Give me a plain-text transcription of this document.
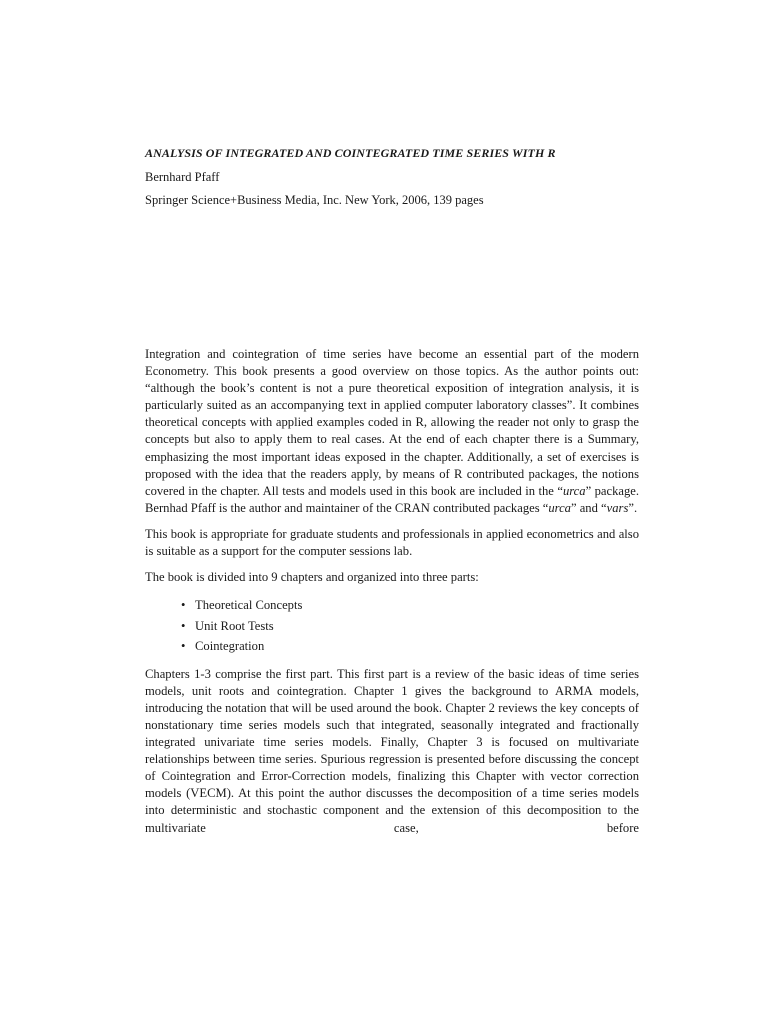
ANALYSIS OF INTEGRATED AND COINTEGRATED TIME SERIES WITH R

Bernhard Pfaff

Springer Science+Business Media, Inc. New York, 2006, 139 pages

Integration and cointegration of time series have become an essential part of the modern Econometry. This book presents a good overview on those topics. As the author points out: “although the book’s content is not a pure theoretical exposition of integration analysis, it is particularly suited as an accompanying text in applied computer laboratory classes”. It combines theoretical concepts with applied examples coded in R, allowing the reader not only to grasp the concepts but also to apply them to real cases. At the end of each chapter there is a Summary, emphasizing the most important ideas exposed in the chapter. Additionally, a set of exercises is proposed with the idea that the readers apply, by means of R contributed packages, the notions covered in the chapter. All tests and models used in this book are included in the “urca” package. Bernhad Pfaff is the author and maintainer of the CRAN contributed packages “urca” and “vars”.

This book is appropriate for graduate students and professionals in applied econometrics and also is suitable as a support for the computer sessions lab.

The book is divided into 9 chapters and organized into three parts:

• Theoretical Concepts
• Unit Root Tests
• Cointegration

Chapters 1-3 comprise the first part. This first part is a review of the basic ideas of time series models, unit roots and cointegration. Chapter 1 gives the background to ARMA models, introducing the notation that will be used around the book. Chapter 2 reviews the key concepts of nonstationary time series models such that integrated, seasonally integrated and fractionally integrated univariate time series models. Finally, Chapter 3 is focused on multivariate relationships between time series. Spurious regression is presented before discussing the concept of Cointegration and Error-Correction models, finalizing this Chapter with vector correction models (VECM). At this point the author discusses the decomposition of a time series models into deterministic and stochastic component and the extension of this decomposition to the multivariate case, before
